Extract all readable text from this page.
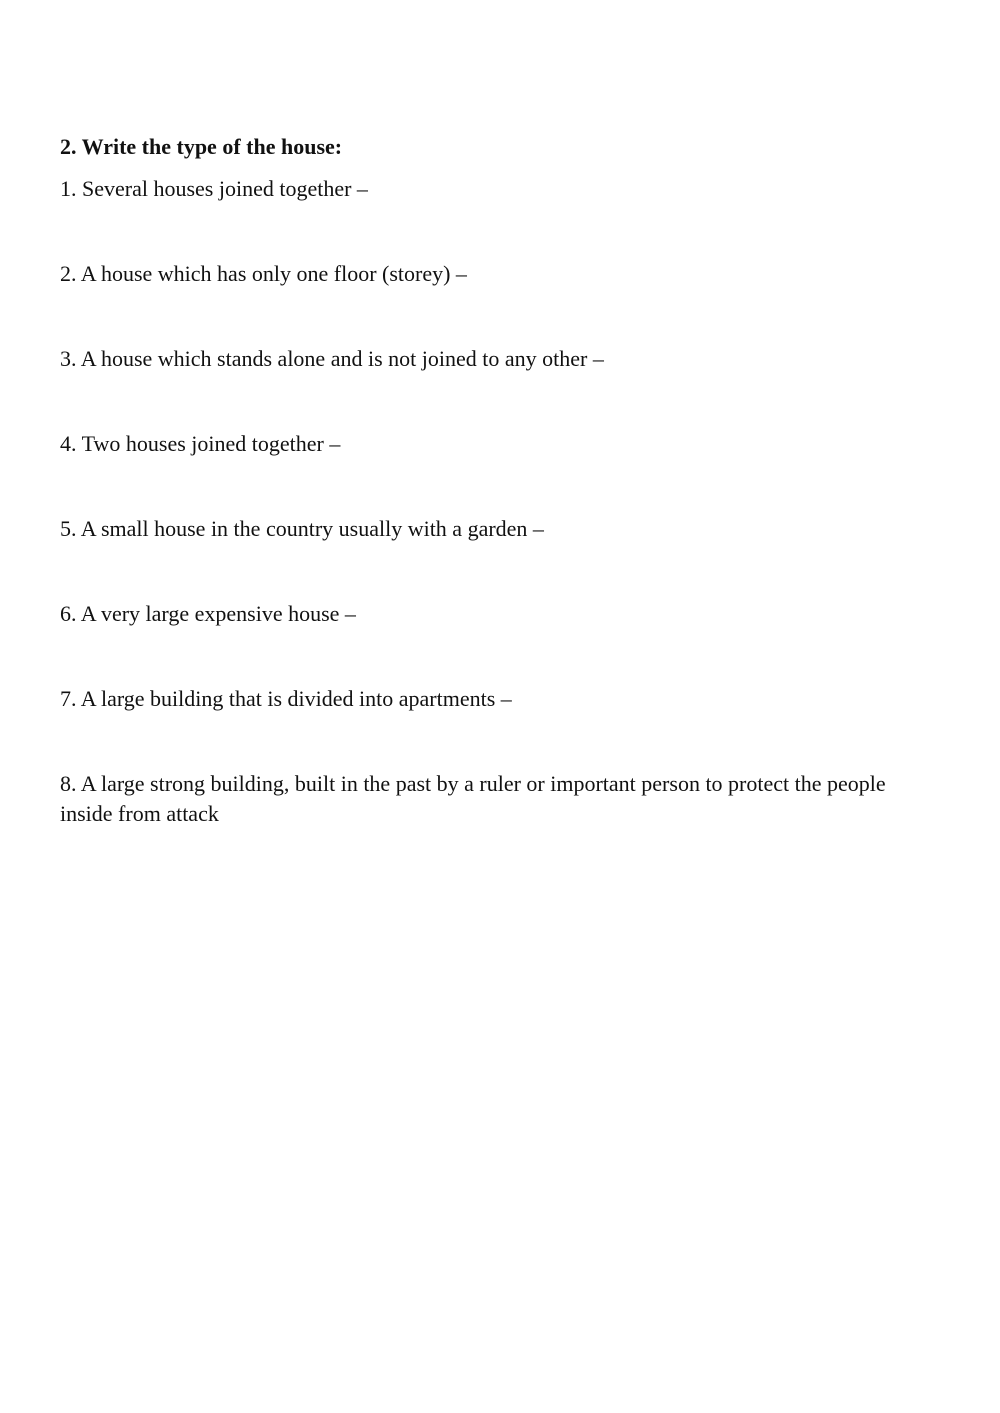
2. Write the type of the house:

1. Several houses joined together –

2. A house which has only one floor (storey) –

3. A house which stands alone and is not joined to any other –

4. Two houses joined together –

5. A small house in the country usually with a garden –

6. A very large expensive house –

7. A large building that is divided into apartments –

8. A large strong building, built in the past by a ruler or important person to protect the people inside from attack
